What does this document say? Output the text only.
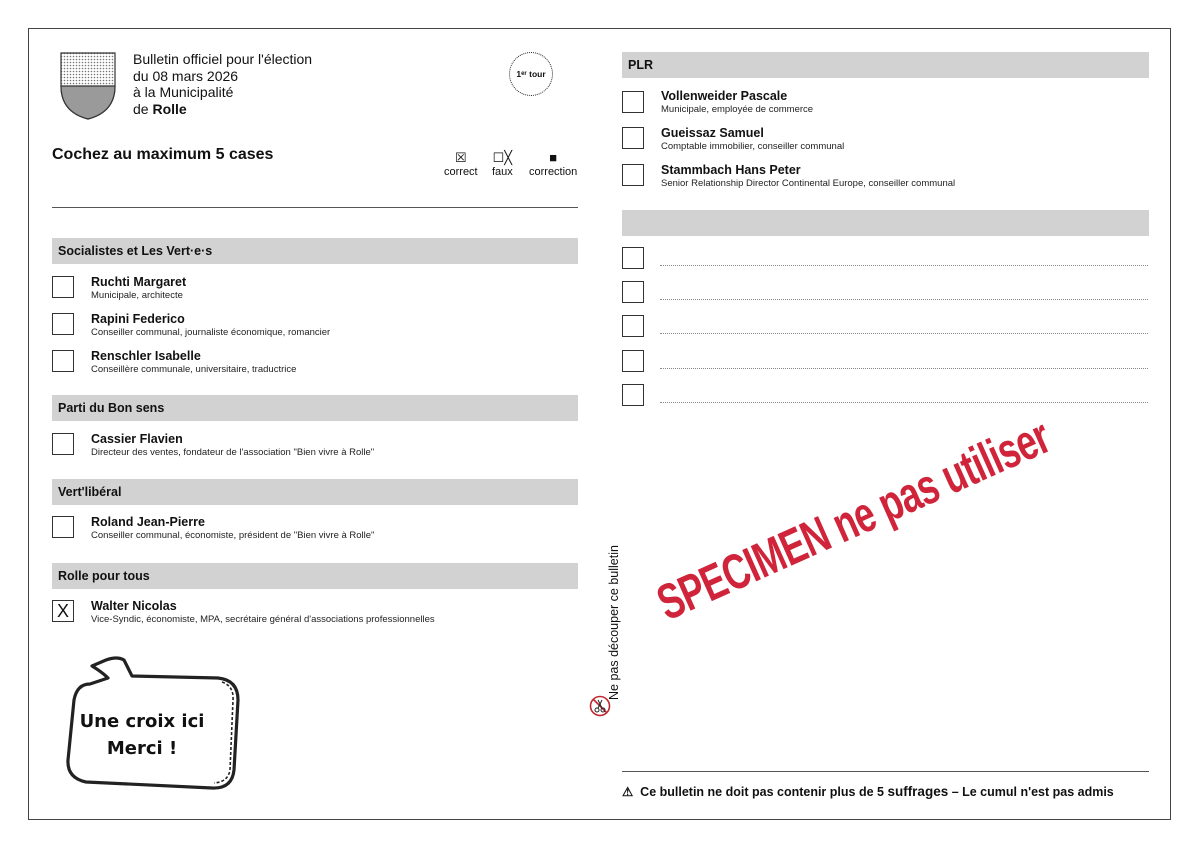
Bulletin officiel pour l'élection
du 08 mars 2026
à la Municipalité
de Rolle
1 er
tour
Cochez au maximum 5 cases	☒
correct
☐╳
faux
■
correction
Socialistes et Les Vert·e·s
Ruchti Margaret
Municipale, architecte
Rapini Federico
Conseiller communal, journaliste économique, romancier
Renschler Isabelle
Conseillère communale, universitaire, traductrice
Parti du Bon sens
Cassier Flavien
Directeur des ventes, fondateur de l'association "Bien vivre à Rolle"
Vert'libéral
Roland Jean-Pierre
Conseiller communal, économiste, président de "Bien vivre à Rolle"
Rolle pour tous
X	Walter Nicolas
Vice-Syndic, économiste, MPA, secrétaire général d'associations professionnelles
Une croix ici
Merci !
Ne pas découper ce bulletin
PLR
Vollenweider Pascale
Municipale, employée de commerce
Gueissaz Samuel
Comptable immobilier, conseiller communal
Stammbach Hans Peter
Senior Relationship Director Continental Europe, conseiller communal
SPECIMEN ne pas utiliser
⚠ Ce bulletin ne doit pas contenir plus de 5 suffrages – Le cumul n'est pas admis
